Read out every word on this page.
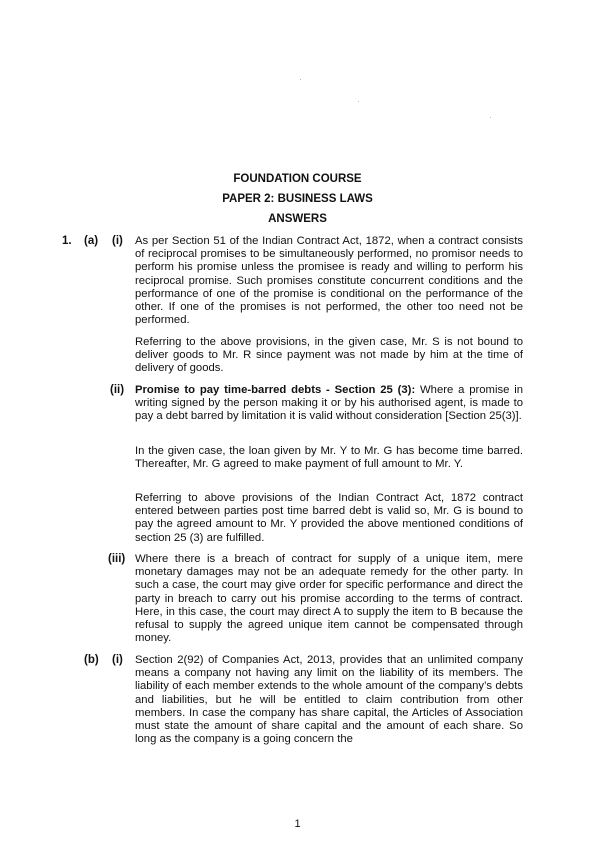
FOUNDATION COURSE
PAPER 2: BUSINESS LAWS
ANSWERS
1. (a) (i) As per Section 51 of the Indian Contract Act, 1872, when a contract consists of reciprocal promises to be simultaneously performed, no promisor needs to perform his promise unless the promisee is ready and willing to perform his reciprocal promise. Such promises constitute concurrent conditions and the performance of one of the promise is conditional on the performance of the other. If one of the promises is not performed, the other too need not be performed.

Referring to the above provisions, in the given case, Mr. S is not bound to deliver goods to Mr. R since payment was not made by him at the time of delivery of goods.

(ii) Promise to pay time-barred debts - Section 25 (3): Where a promise in writing signed by the person making it or by his authorised agent, is made to pay a debt barred by limitation it is valid without consideration [Section 25(3)].

In the given case, the loan given by Mr. Y to Mr. G has become time barred. Thereafter, Mr. G agreed to make payment of full amount to Mr. Y.

Referring to above provisions of the Indian Contract Act, 1872 contract entered between parties post time barred debt is valid so, Mr. G is bound to pay the agreed amount to Mr. Y provided the above mentioned conditions of section 25 (3) are fulfilled.

(iii) Where there is a breach of contract for supply of a unique item, mere monetary damages may not be an adequate remedy for the other party. In such a case, the court may give order for specific performance and direct the party in breach to carry out his promise according to the terms of contract. Here, in this case, the court may direct A to supply the item to B because the refusal to supply the agreed unique item cannot be compensated through money.

(b) (i) Section 2(92) of Companies Act, 2013, provides that an unlimited company means a company not having any limit on the liability of its members. The liability of each member extends to the whole amount of the company’s debts and liabilities, but he will be entitled to claim contribution from other members. In case the company has share capital, the Articles of Association must state the amount of share capital and the amount of each share. So long as the company is a going concern the

1
